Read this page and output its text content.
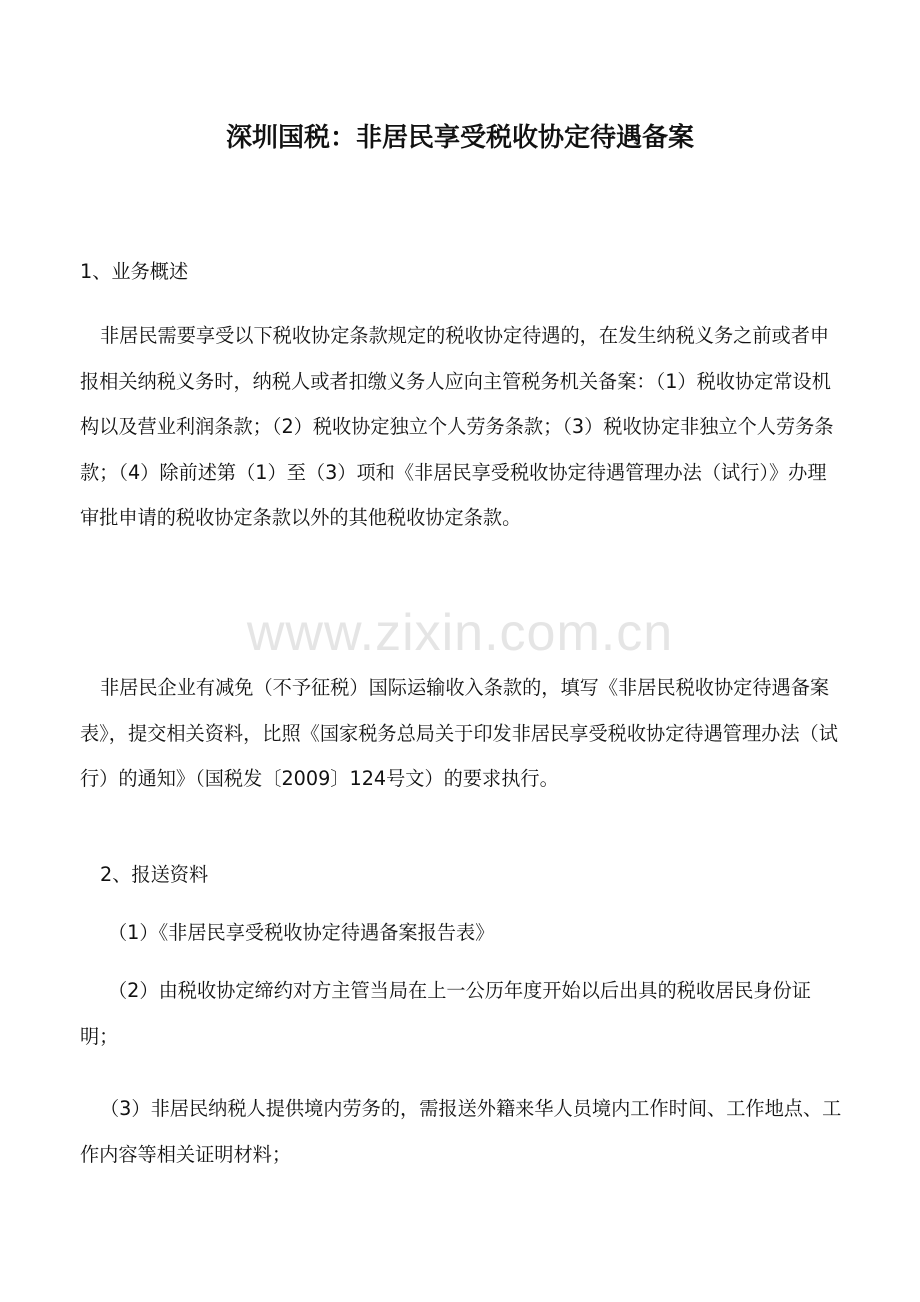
www.zixin.com.cn
深圳国税：非居民享受税收协定待遇备案

1、业务概述

非居民需要享受以下税收协定条款规定的税收协定待遇的，在发生纳税义务之前或者申报相关纳税义务时，纳税人或者扣缴义务人应向主管税务机关备案：（1）税收协定常设机构以及营业利润条款；（2）税收协定独立个人劳务条款；（3）税收协定非独立个人劳务条款；（4）除前述第（1）至（3）项和《非居民享受税收协定待遇管理办法（试行）》办理审批申请的税收协定条款以外的其他税收协定条款。

非居民企业有减免（不予征税）国际运输收入条款的，填写《非居民税收协定待遇备案表》，提交相关资料，比照《国家税务总局关于印发非居民享受税收协定待遇管理办法（试行）的通知》（国税发〔2009〕124号文）的要求执行。

2、报送资料

（1）《非居民享受税收协定待遇备案报告表》

（2）由税收协定缔约对方主管当局在上一公历年度开始以后出具的税收居民身份证明；

（3）非居民纳税人提供境内劳务的，需报送外籍来华人员境内工作时间、工作地点、工作内容等相关证明材料；
